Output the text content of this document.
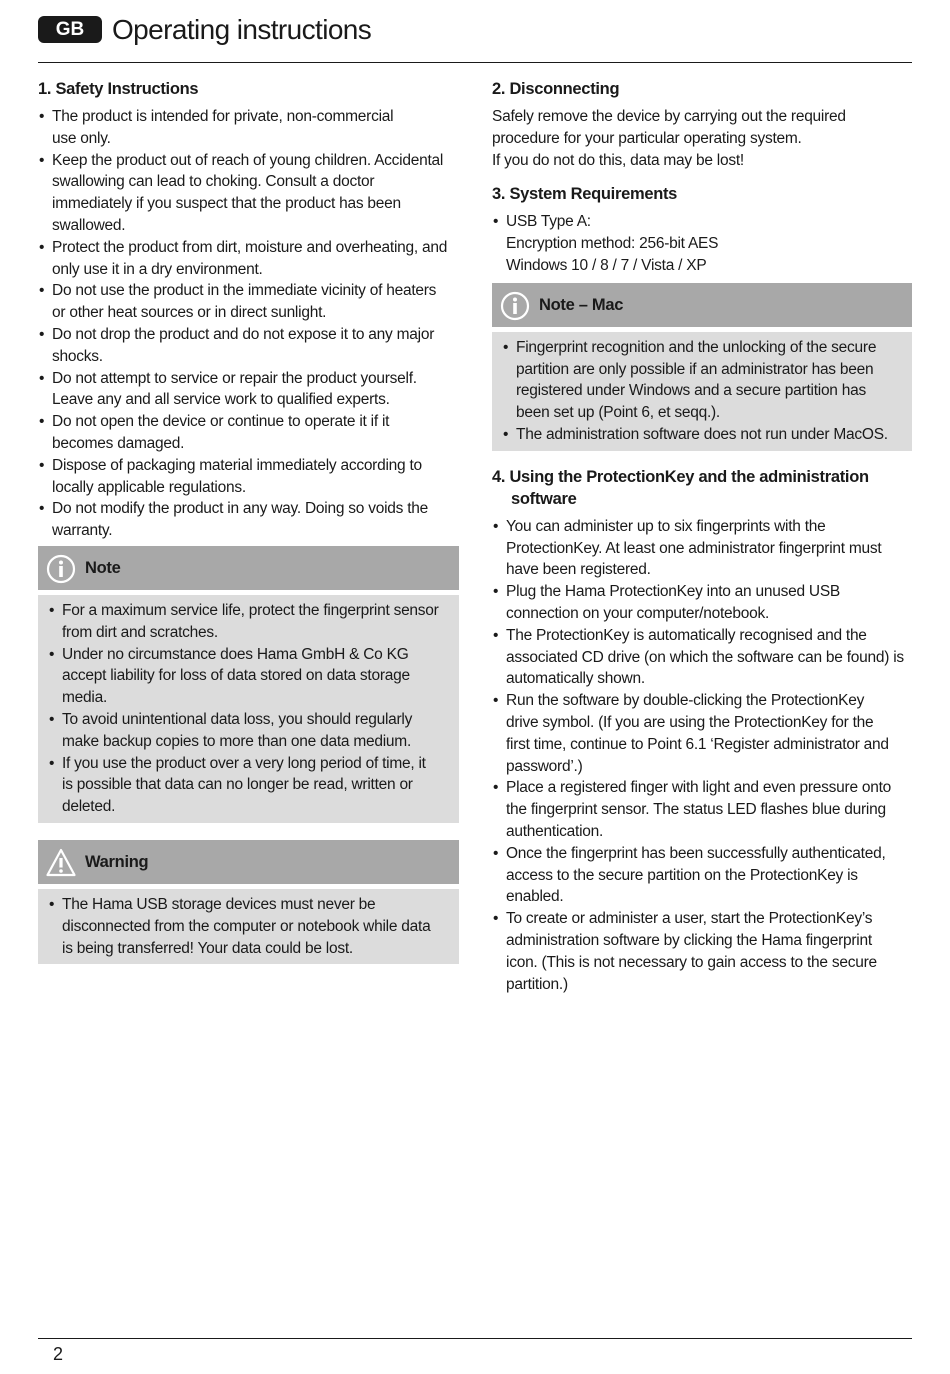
GB Operating instructions
1. Safety Instructions
• The product is intended for private, non-commercial
use only.
• Keep the product out of reach of young children. Accidental
swallowing can lead to choking. Consult a doctor
immediately if you suspect that the product has been
swallowed.
• Protect the product from dirt, moisture and overheating, and
only use it in a dry environment.
• Do not use the product in the immediate vicinity of heaters
or other heat sources or in direct sunlight.
• Do not drop the product and do not expose it to any major
shocks.
• Do not attempt to service or repair the product yourself.
Leave any and all service work to qualified experts.
• Do not open the device or continue to operate it if it
becomes damaged.
• Dispose of packaging material immediately according to
locally applicable regulations.
• Do not modify the product in any way. Doing so voids the
warranty.
Note
• For a maximum service life, protect the fingerprint sensor
from dirt and scratches.
• Under no circumstance does Hama GmbH & Co KG
accept liability for loss of data stored on data storage
media.
• To avoid unintentional data loss, you should regularly
make backup copies to more than one data medium.
• If you use the product over a very long period of time, it
is possible that data can no longer be read, written or
deleted.
Warning
• The Hama USB storage devices must never be
disconnected from the computer or notebook while data
is being transferred! Your data could be lost.
2. Disconnecting

Safely remove the device by carrying out the required
procedure for your particular operating system.
If you do not do this, data may be lost!

3. System Requirements
• USB Type A:
Encryption method: 256-bit AES
Windows 10 / 8 / 7 / Vista / XP
Note – Mac
• Fingerprint recognition and the unlocking of the secure
partition are only possible if an administrator has been
registered under Windows and a secure partition has
been set up (Point 6, et seqq.).
• The administration software does not run under MacOS.
4. Using the ProtectionKey and the administration software
• You can administer up to six fingerprints with the
ProtectionKey. At least one administrator fingerprint must
have been registered.
• Plug the Hama ProtectionKey into an unused USB
connection on your computer/notebook.
• The ProtectionKey is automatically recognised and the
associated CD drive (on which the software can be found) is
automatically shown.
• Run the software by double-clicking the ProtectionKey
drive symbol. (If you are using the ProtectionKey for the
first time, continue to Point 6.1 ‘Register administrator and
password’.)
• Place a registered finger with light and even pressure onto
the fingerprint sensor. The status LED flashes blue during
authentication.
• Once the fingerprint has been successfully authenticated,
access to the secure partition on the ProtectionKey is
enabled.
• To create or administer a user, start the ProtectionKey’s
administration software by clicking the Hama fingerprint
icon. (This is not necessary to gain access to the secure
partition.)
2
